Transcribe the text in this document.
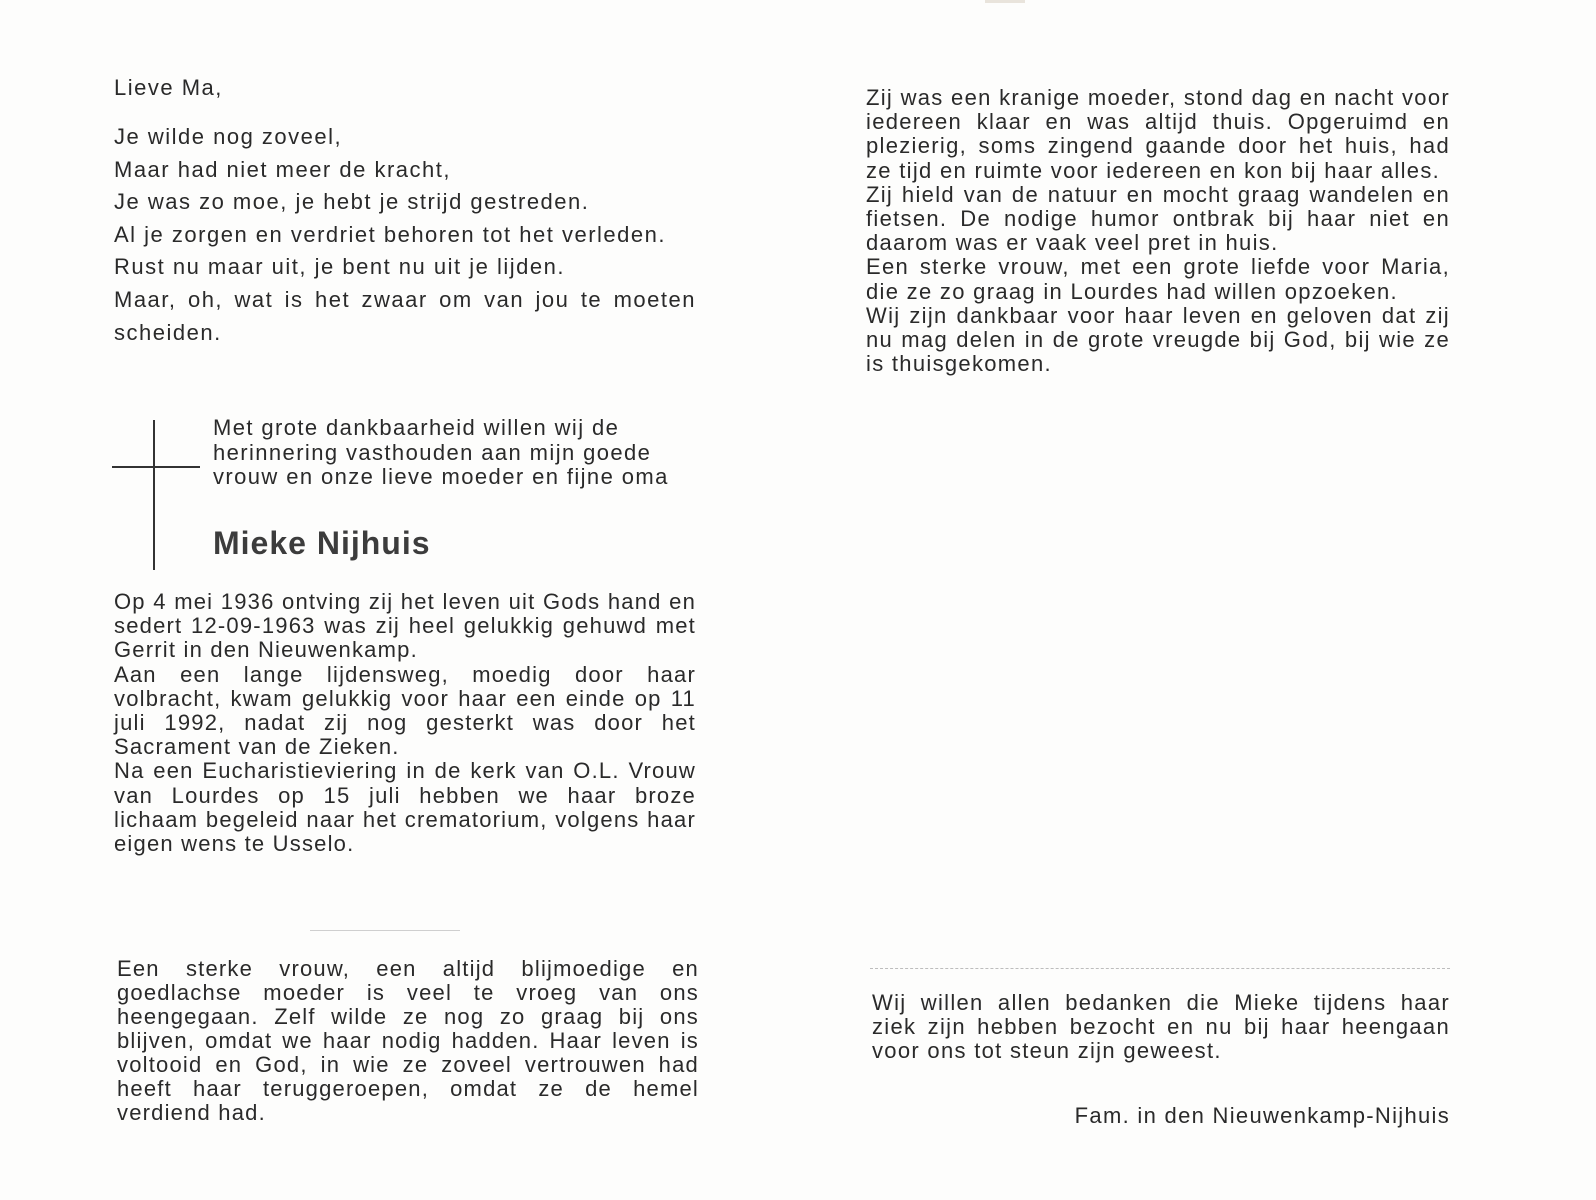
Lieve Ma,

Je wilde nog zoveel,

Maar had niet meer de kracht,

Je was zo moe, je hebt je strijd gestreden.

Al je zorgen en verdriet behoren tot het verleden.

Rust nu maar uit, je bent nu uit je lijden.

Maar, oh, wat is het zwaar om van jou te moeten scheiden.

Met grote dankbaarheid willen wij de herinnering vasthouden aan mijn goede vrouw en onze lieve moeder en fijne oma

Mieke Nijhuis

Op 4 mei 1936 ontving zij het leven uit Gods hand en sedert 12-09-1963 was zij heel gelukkig gehuwd met Gerrit in den Nieuwenkamp.

Aan een lange lijdensweg, moedig door haar volbracht, kwam gelukkig voor haar een einde op 11 juli 1992, nadat zij nog gesterkt was door het Sacrament van de Zieken.

Na een Eucharistieviering in de kerk van O.L. Vrouw van Lourdes op 15 juli hebben we haar broze lichaam begeleid naar het crematorium, volgens haar eigen wens te Usselo.

Een sterke vrouw, een altijd blijmoedige en goedlachse moeder is veel te vroeg van ons heengegaan. Zelf wilde ze nog zo graag bij ons blijven, omdat we haar nodig hadden. Haar leven is voltooid en God, in wie ze zoveel vertrouwen had heeft haar teruggeroepen, omdat ze de hemel verdiend had.

Zij was een kranige moeder, stond dag en nacht voor iedereen klaar en was altijd thuis. Opgeruimd en plezierig, soms zingend gaande door het huis, had ze tijd en ruimte voor iedereen en kon bij haar alles.

Zij hield van de natuur en mocht graag wandelen en fietsen. De nodige humor ontbrak bij haar niet en daarom was er vaak veel pret in huis.

Een sterke vrouw, met een grote liefde voor Maria, die ze zo graag in Lourdes had willen opzoeken.

Wij zijn dankbaar voor haar leven en geloven dat zij nu mag delen in de grote vreugde bij God, bij wie ze is thuisgekomen.

Wij willen allen bedanken die Mieke tijdens haar ziek zijn hebben bezocht en nu bij haar heengaan voor ons tot steun zijn geweest.

Fam. in den Nieuwenkamp-Nijhuis
